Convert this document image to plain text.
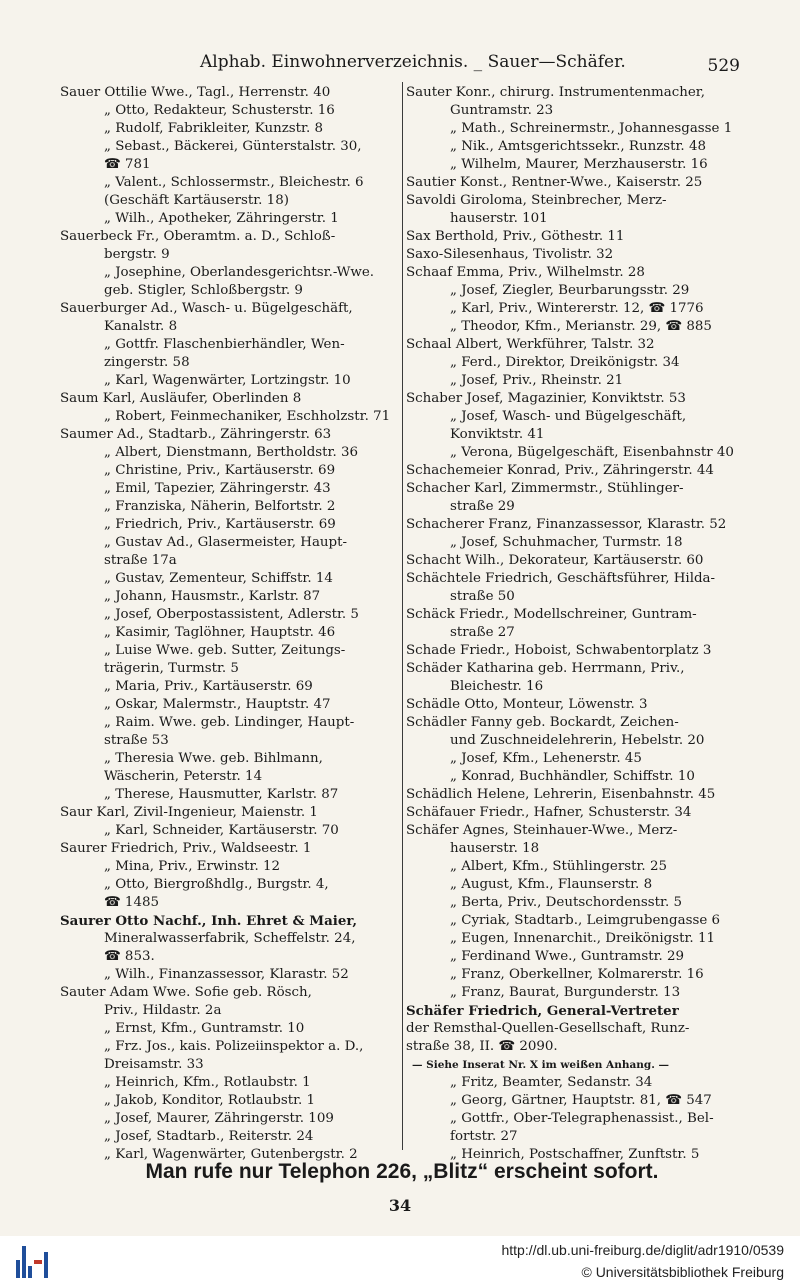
Alphab. Einwohnerverzeichnis. _ Sauer—Schäfer.	529
Sauer Ottilie Wwe., Tagl., Herrenstr. 40
„ Otto, Redakteur, Schusterstr. 16
„ Rudolf, Fabrikleiter, Kunzstr. 8
„ Sebast., Bäckerei, Günterstalstr. 30,
☎ 781
„ Valent., Schlossermstr., Bleichestr. 6
(Geschäft Kartäuserstr. 18)
„ Wilh., Apotheker, Zähringerstr. 1
Sauerbeck Fr., Oberamtm. a. D., Schloß-
bergstr. 9
„ Josephine, Oberlandesgerichtsr.-Wwe.
geb. Stigler, Schloßbergstr. 9
Sauerburger Ad., Wasch- u. Bügelgeschäft,
Kanalstr. 8
„ Gottfr. Flaschenbierhändler, Wen-
zingerstr. 58
„ Karl, Wagenwärter, Lortzingstr. 10
Saum Karl, Ausläufer, Oberlinden 8
„ Robert, Feinmechaniker, Eschholzstr. 71
Saumer Ad., Stadtarb., Zähringerstr. 63
„ Albert, Dienstmann, Bertholdstr. 36
„ Christine, Priv., Kartäuserstr. 69
„ Emil, Tapezier, Zähringerstr. 43
„ Franziska, Näherin, Belfortstr. 2
„ Friedrich, Priv., Kartäuserstr. 69
„ Gustav Ad., Glasermeister, Haupt-
straße 17a
„ Gustav, Zementeur, Schiffstr. 14
„ Johann, Hausmstr., Karlstr. 87
„ Josef, Oberpostassistent, Adlerstr. 5
„ Kasimir, Taglöhner, Hauptstr. 46
„ Luise Wwe. geb. Sutter, Zeitungs-
trägerin, Turmstr. 5
„ Maria, Priv., Kartäuserstr. 69
„ Oskar, Malermstr., Hauptstr. 47
„ Raim. Wwe. geb. Lindinger, Haupt-
straße 53
„ Theresia Wwe. geb. Bihlmann,
Wäscherin, Peterstr. 14
„ Therese, Hausmutter, Karlstr. 87
Saur Karl, Zivil-Ingenieur, Maienstr. 1
„ Karl, Schneider, Kartäuserstr. 70
Saurer Friedrich, Priv., Waldseestr. 1
„ Mina, Priv., Erwinstr. 12
„ Otto, Biergroßhdlg., Burgstr. 4,
☎ 1485
Saurer Otto Nachf., Inh. Ehret & Maier,
Mineralwasserfabrik, Scheffelstr. 24,
☎ 853.
„ Wilh., Finanzassessor, Klarastr. 52
Sauter Adam Wwe. Sofie geb. Rösch,
Priv., Hildastr. 2a
„ Ernst, Kfm., Guntramstr. 10
„ Frz. Jos., kais. Polizeiinspektor a. D.,
Dreisamstr. 33
„ Heinrich, Kfm., Rotlaubstr. 1
„ Jakob, Konditor, Rotlaubstr. 1
„ Josef, Maurer, Zähringerstr. 109
„ Josef, Stadtarb., Reiterstr. 24
„ Karl, Wagenwärter, Gutenbergstr. 2
Sauter Konr., chirurg. Instrumentenmacher,
Guntramstr. 23
„ Math., Schreinermstr., Johannesgasse 1
„ Nik., Amtsgerichtssekr., Runzstr. 48
„ Wilhelm, Maurer, Merzhauserstr. 16
Sautier Konst., Rentner-Wwe., Kaiserstr. 25
Savoldi Giroloma, Steinbrecher, Merz-
hauserstr. 101
Sax Berthold, Priv., Göthestr. 11
Saxo-Silesenhaus, Tivolistr. 32
Schaaf Emma, Priv., Wilhelmstr. 28
„ Josef, Ziegler, Beurbarungsstr. 29
„ Karl, Priv., Wintererstr. 12, ☎ 1776
„ Theodor, Kfm., Merianstr. 29, ☎ 885
Schaal Albert, Werkführer, Talstr. 32
„ Ferd., Direktor, Dreikönigstr. 34
„ Josef, Priv., Rheinstr. 21
Schaber Josef, Magazinier, Konviktstr. 53
„ Josef, Wasch- und Bügelgeschäft,
Konviktstr. 41
„ Verona, Bügelgeschäft, Eisenbahnstr 40
Schachemeier Konrad, Priv., Zähringerstr. 44
Schacher Karl, Zimmermstr., Stühlinger-
straße 29
Schacherer Franz, Finanzassessor, Klarastr. 52
„ Josef, Schuhmacher, Turmstr. 18
Schacht Wilh., Dekorateur, Kartäuserstr. 60
Schächtele Friedrich, Geschäftsführer, Hilda-
straße 50
Schäck Friedr., Modellschreiner, Guntram-
straße 27
Schade Friedr., Hoboist, Schwabentorplatz 3
Schäder Katharina geb. Herrmann, Priv.,
Bleichestr. 16
Schädle Otto, Monteur, Löwenstr. 3
Schädler Fanny geb. Bockardt, Zeichen-
und Zuschneidelehrerin, Hebelstr. 20
„ Josef, Kfm., Lehenerstr. 45
„ Konrad, Buchhändler, Schiffstr. 10
Schädlich Helene, Lehrerin, Eisenbahnstr. 45
Schäfauer Friedr., Hafner, Schusterstr. 34
Schäfer Agnes, Steinhauer-Wwe., Merz-
hauserstr. 18
„ Albert, Kfm., Stühlingerstr. 25
„ August, Kfm., Flaunserstr. 8
„ Berta, Priv., Deutschordensstr. 5
„ Cyriak, Stadtarb., Leimgrubengasse 6
„ Eugen, Innenarchit., Dreikönigstr. 11
„ Ferdinand Wwe., Guntramstr. 29
„ Franz, Oberkellner, Kolmarerstr. 16
„ Franz, Baurat, Burgunderstr. 13
Schäfer Friedrich, General-Vertreter
der Remsthal-Quellen-Gesellschaft, Runz-
straße 38, II. ☎ 2090.
— Siehe Inserat Nr. X im weißen Anhang. —
„ Fritz, Beamter, Sedanstr. 34
„ Georg, Gärtner, Hauptstr. 81, ☎ 547
„ Gottfr., Ober-Telegraphenassist., Bel-
fortstr. 27
„ Heinrich, Postschaffner, Zunftstr. 5
Man rufe nur Telephon 226, „Blitz“ erscheint sofort.
34
http://dl.ub.uni-freiburg.de/diglit/adr1910/0539
© Universitätsbibliothek Freiburg
